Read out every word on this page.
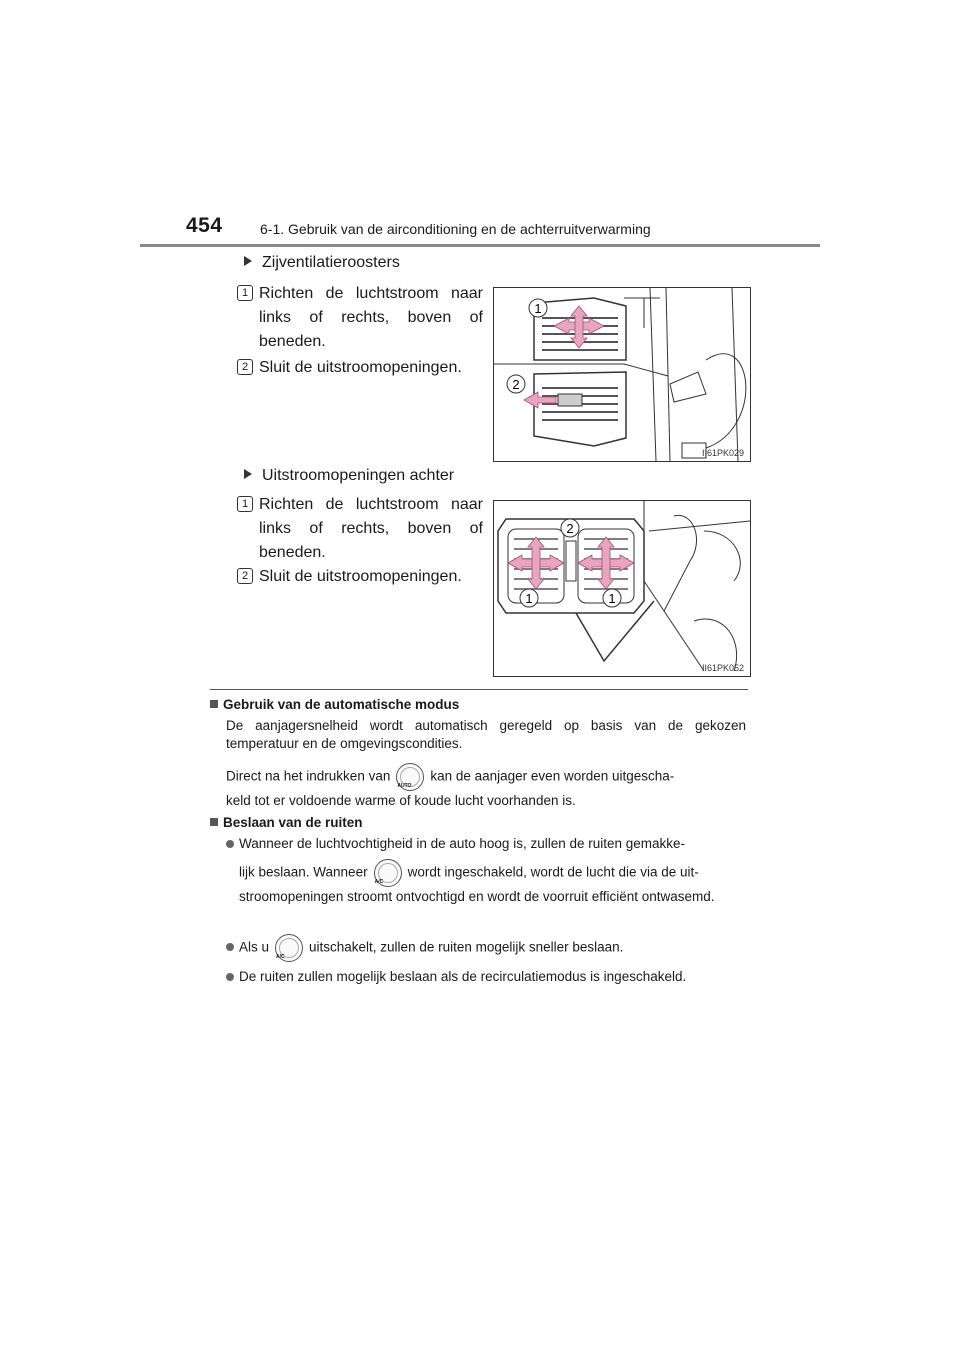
454	6-1. Gebruik van de airconditioning en de achterruitverwarming
Zijventilatieroosters
1 Richten de luchtstroom naar links of rechts, boven of beneden.
2 Sluit de uitstroomopeningen.
1
2
II61PK029
Uitstroomopeningen achter
1 Richten de luchtstroom naar links of rechts, boven of beneden.
2 Sluit de uitstroomopeningen.
2
1	1
II61PK052
Gebruik van de automatische modus
De aanjagersnelheid wordt automatisch geregeld op basis van de gekozen temperatuur en de omgevingscondities.
Direct na het indrukken van
AUTO
kan de aanjager even worden uitgescha-
keld tot er voldoende warme of koude lucht voorhanden is.
Beslaan van de ruiten
Wanneer de luchtvochtigheid in de auto hoog is, zullen de ruiten gemakke-
lijk beslaan. Wanneer
A/C
wordt ingeschakeld, wordt de lucht die via de uit-
stroomopeningen stroomt ontvochtigd en wordt de voorruit efficiënt ontwasemd.
Als u
A/C
uitschakelt, zullen de ruiten mogelijk sneller beslaan.
De ruiten zullen mogelijk beslaan als de recirculatiemodus is ingeschakeld.
